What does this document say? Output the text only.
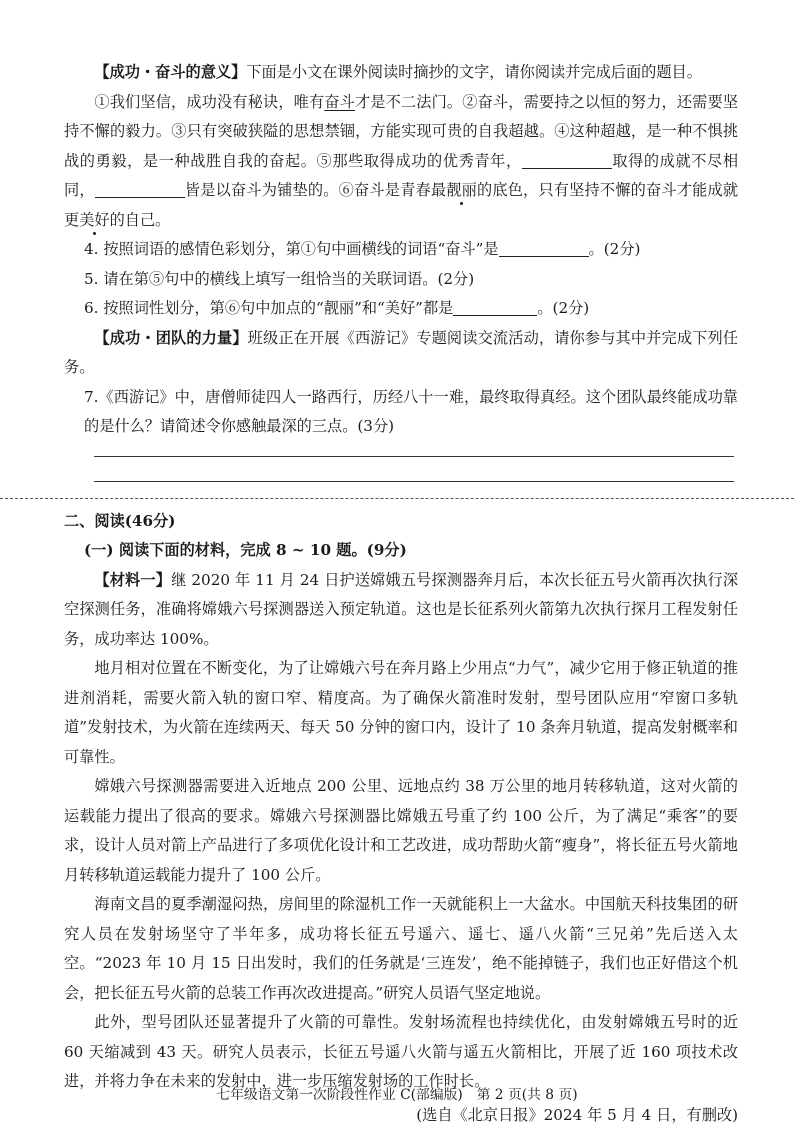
【成功・奋斗的意义】下面是小文在课外阅读时摘抄的文字，请你阅读并完成后面的题目。

①我们坚信，成功没有秘诀，唯有奋斗才是不二法门。②奋斗，需要持之以恒的努力，还需要坚持不懈的毅力。③只有突破狭隘的思想禁锢，方能实现可贵的自我超越。④这种超越，是一种不惧挑战的勇毅，是一种战胜自我的奋起。⑤那些取得成功的优秀青年，	取得的成就不尽相同，	皆是以奋斗为铺垫的。⑥奋斗是青春最靓丽的底色，只有坚持不懈的奋斗才能成就更美好的自己。

4. 按照词语的感情色彩划分，第①句中画横线的词语“奋斗”是	。(2分)

5. 请在第⑤句中的横线上填写一组恰当的关联词语。(2分)

6. 按照词性划分，第⑥句中加点的“靓丽”和“美好”都是	。(2分)

【成功・团队的力量】班级正在开展《西游记》专题阅读交流活动，请你参与其中并完成下列任务。

7.《西游记》中，唐僧师徒四人一路西行，历经八十一难，最终取得真经。这个团队最终能成功靠的是什么？请简述令你感触最深的三点。(3分)

二、阅读(46分)

(一) 阅读下面的材料，完成 8 ~ 10 题。(9分)

【材料一】继 2020 年 11 月 24 日护送嫦娥五号探测器奔月后，本次长征五号火箭再次执行深空探测任务，准确将嫦娥六号探测器送入预定轨道。这也是长征系列火箭第九次执行探月工程发射任务，成功率达 100%。

地月相对位置在不断变化，为了让嫦娥六号在奔月路上少用点“力气”，减少它用于修正轨道的推进剂消耗，需要火箭入轨的窗口窄、精度高。为了确保火箭准时发射，型号团队应用“窄窗口多轨道”发射技术，为火箭在连续两天、每天 50 分钟的窗口内，设计了 10 条奔月轨道，提高发射概率和可靠性。

嫦娥六号探测器需要进入近地点 200 公里、远地点约 38 万公里的地月转移轨道，这对火箭的运载能力提出了很高的要求。嫦娥六号探测器比嫦娥五号重了约 100 公斤，为了满足“乘客”的要求，设计人员对箭上产品进行了多项优化设计和工艺改进，成功帮助火箭“瘦身”，将长征五号火箭地月转移轨道运载能力提升了 100 公斤。

海南文昌的夏季潮湿闷热，房间里的除湿机工作一天就能积上一大盆水。中国航天科技集团的研究人员在发射场坚守了半年多，成功将长征五号遥六、遥七、遥八火箭“三兄弟”先后送入太空。“2023 年 10 月 15 日出发时，我们的任务就是‘三连发’，绝不能掉链子，我们也正好借这个机会，把长征五号火箭的总装工作再次改进提高。”研究人员语气坚定地说。

此外，型号团队还显著提升了火箭的可靠性。发射场流程也持续优化，由发射嫦娥五号时的近 60 天缩减到 43 天。研究人员表示，长征五号遥八火箭与遥五火箭相比，开展了近 160 项技术改进，并将力争在未来的发射中，进一步压缩发射场的工作时长。

(选自《北京日报》2024 年 5 月 4 日，有删改)

七年级语文第一次阶段性作业 C(部编版)　第 2 页(共 8 页)
